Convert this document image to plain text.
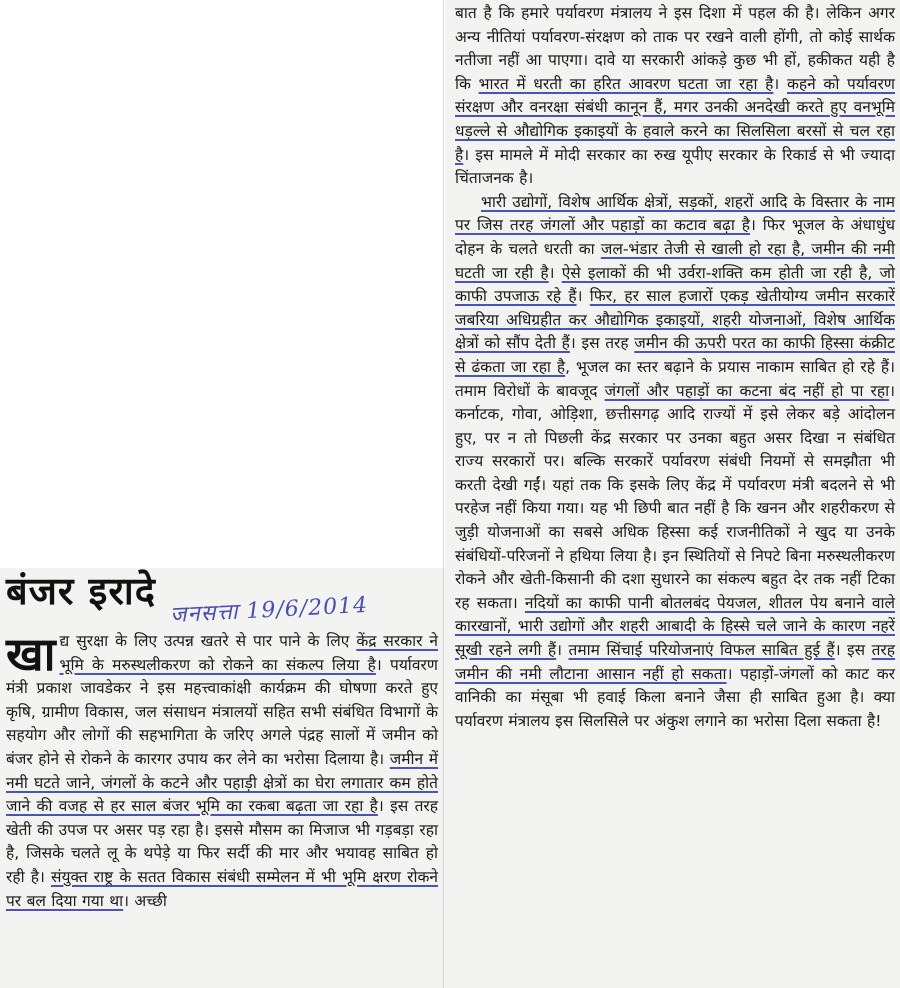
बात है कि हमारे पर्यावरण मंत्रालय ने इस दिशा में पहल की है। लेकिन अगर अन्य नीतियां पर्यावरण-संरक्षण को ताक पर रखने वाली होंगी, तो कोई सार्थक नतीजा नहीं आ पाएगा। दावे या सरकारी आंकड़े कुछ भी हों, हकीकत यही है कि भारत में धरती का हरित आवरण घटता जा रहा है। कहने को पर्यावरण संरक्षण और वनरक्षा संबंधी कानून हैं, मगर उनकी अनदेखी करते हुए वनभूमि धड़ल्ले से औद्योगिक इकाइयों के हवाले करने का सिलसिला बरसों से चल रहा है। इस मामले में मोदी सरकार का रुख यूपीए सरकार के रिकार्ड से भी ज्यादा चिंताजनक है।

भारी उद्योगों, विशेष आर्थिक क्षेत्रों, सड़कों, शहरों आदि के विस्तार के नाम पर जिस तरह जंगलों और पहाड़ों का कटाव बढ़ा है। फिर भूजल के अंधाधुंध दोहन के चलते धरती का जल-भंडार तेजी से खाली हो रहा है, जमीन की नमी घटती जा रही है। ऐसे इलाकों की भी उर्वरा-शक्ति कम होती जा रही है, जो काफी उपजाऊ रहे हैं। फिर, हर साल हजारों एकड़ खेतीयोग्य जमीन सरकारें जबरिया अधिग्रहीत कर औद्योगिक इकाइयों, शहरी योजनाओं, विशेष आर्थिक क्षेत्रों को सौंप देती हैं। इस तरह जमीन की ऊपरी परत का काफी हिस्सा कंक्रीट से ढंकता जा रहा है, भूजल का स्तर बढ़ाने के प्रयास नाकाम साबित हो रहे हैं। तमाम विरोधों के बावजूद जंगलों और पहाड़ों का कटना बंद नहीं हो पा रहा। कर्नाटक, गोवा, ओड़िशा, छत्तीसगढ़ आदि राज्यों में इसे लेकर बड़े आंदोलन हुए, पर न तो पिछली केंद्र सरकार पर उनका बहुत असर दिखा न संबंधित राज्य सरकारों पर। बल्कि सरकारें पर्यावरण संबंधी नियमों से समझौता भी करती देखी गईं। यहां तक कि इसके लिए केंद्र में पर्यावरण मंत्री बदलने से भी परहेज नहीं किया गया। यह भी छिपी बात नहीं है कि खनन और शहरीकरण से जुड़ी योजनाओं का सबसे अधिक हिस्सा कई राजनीतिकों ने खुद या उनके संबंधियों-परिजनों ने हथिया लिया है। इन स्थितियों से निपटे बिना मरुस्थलीकरण रोकने और खेती-किसानी की दशा सुधारने का संकल्प बहुत देर तक नहीं टिका रह सकता। नदियों का काफी पानी बोतलबंद पेयजल, शीतल पेय बनाने वाले कारखानों, भारी उद्योगों और शहरी आबादी के हिस्से चले जाने के कारण नहरें सूखी रहने लगी हैं। तमाम सिंचाई परियोजनाएं विफल साबित हुई हैं। इस तरह जमीन की नमी लौटाना आसान नहीं हो सकता। पहाड़ों-जंगलों को काट कर वानिकी का मंसूबा भी हवाई किला बनाने जैसा ही साबित हुआ है। क्या पर्यावरण मंत्रालय इस सिलसिले पर अंकुश लगाने का भरोसा दिला सकता है!

बंजर इरादे जनसत्ता 19/6/2014

खाद्य सुरक्षा के लिए उत्पन्न खतरे से पार पाने के लिए केंद्र सरकार ने भूमि के मरुस्थलीकरण को रोकने का संकल्प लिया है। पर्यावरण मंत्री प्रकाश जावडेकर ने इस महत्त्वाकांक्षी कार्यक्रम की घोषणा करते हुए कृषि, ग्रामीण विकास, जल संसाधन मंत्रालयों सहित सभी संबंधित विभागों के सहयोग और लोगों की सहभागिता के जरिए अगले पंद्रह सालों में जमीन को बंजर होने से रोकने के कारगर उपाय कर लेने का भरोसा दिलाया है। जमीन में नमी घटते जाने, जंगलों के कटने और पहाड़ी क्षेत्रों का घेरा लगातार कम होते जाने की वजह से हर साल बंजर भूमि का रकबा बढ़ता जा रहा है। इस तरह खेती की उपज पर असर पड़ रहा है। इससे मौसम का मिजाज भी गड़बड़ा रहा है, जिसके चलते लू के थपेड़े या फिर सर्दी की मार और भयावह साबित हो रही है। संयुक्त राष्ट्र के सतत विकास संबंधी सम्मेलन में भी भूमि क्षरण रोकने पर बल दिया गया था। अच्छी
